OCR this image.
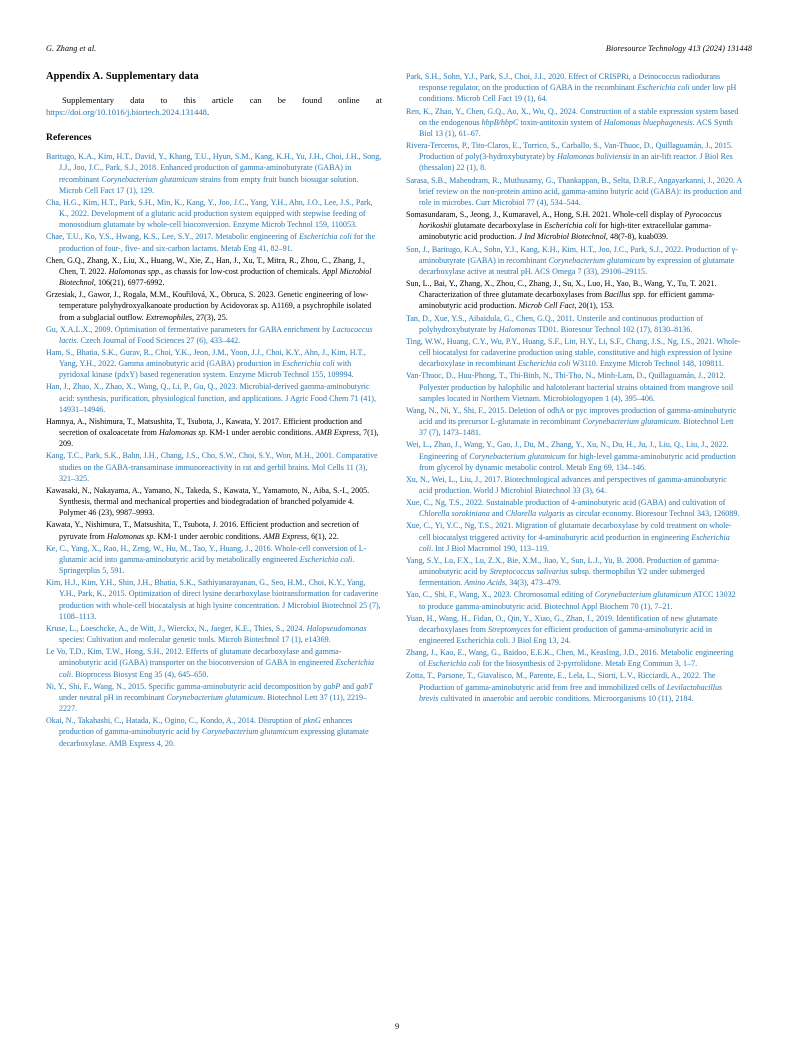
G. Zhang et al.	Bioresource Technology 413 (2024) 131448
Appendix A. Supplementary data

Supplementary data to this article can be found online at https://doi.org/10.1016/j.biortech.2024.131448.

References
Baritugo, K.A., Kim, H.T., David, Y., Khang, T.U., Hyun, S.M., Kang, K.H., Yu, J.H., Choi, J.H., Song, J.J., Joo, J.C., Park, S.J., 2018. Enhanced production of gamma-aminobutyrate (GABA) in recombinant Corynebacterium glutamicum strains from empty fruit bunch biosugar solution. Microb Cell Fact 17 (1), 129.
Cha, H.G., Kim, H.T., Park, S.H., Min, K., Kang, Y., Joo, J.C., Yang, Y.H., Ahn, J.O., Lee, J.S., Park, K., 2022. Development of a glutaric acid production system equipped with stepwise feeding of monosodium glutamate by whole-cell bioconversion. Enzyme Microb Technol 159, 110053.
Chae, T.U., Ko, Y.S., Hwang, K.S., Lee, S.Y., 2017. Metabolic engineering of Escherichia coli for the production of four-, five- and six-carbon lactams. Metab Eng 41, 82–91.
Chen, G.Q., Zhang, X., Liu, X., Huang, W., Xie, Z., Han, J., Xu, T., Mitra, R., Zhou, C., Zhang, J., Chen, T. 2022. Halomonas spp., as chassis for low-cost production of chemicals. Appl Microbiol Biotechnol, 106(21), 6977-6992.
Grzesiak, J., Gawor, J., Rogala, M.M., Kouřilová, X., Obruca, S. 2023. Genetic engineering of low-temperature polyhydroxyalkanoate production by Acidovorax sp. A1169, a psychrophile isolated from a subglacial outflow. Extremophiles, 27(3), 25.
Gu, X.A.L.X., 2009. Optimisation of fermentative parameters for GABA enrichment by Lactococcus lactis. Czech Journal of Food Sciences 27 (6), 433–442.
Ham, S., Bhatia, S.K., Gurav, R., Choi, Y.K., Jeon, J.M., Yoon, J.J., Choi, K.Y., Ahn, J., Kim, H.T., Yang, Y.H., 2022. Gamma aminobutyric acid (GABA) production in Escherichia coli with pyridoxal kinase (pdxY) based regeneration system. Enzyme Microb Technol 155, 109994.
Han, J., Zhao, X., Zhao, X., Wang, Q., Li, P., Gu, Q., 2023. Microbial-derived gamma-aminobutyric acid: synthesis, purification, physiological function, and applications. J Agric Food Chem 71 (41), 14931–14946.
Hamnya, A., Nishimura, T., Matsushita, T., Tsubota, J., Kawata, Y. 2017. Efficient production and secretion of oxaloacetate from Halomonas sp. KM-1 under aerobic conditions. AMB Express, 7(1), 209.
Kang, T.C., Park, S.K., Bahn, J.H., Chang, J.S., Cho, S.W., Choi, S.Y., Won, M.H., 2001. Comparative studies on the GABA-transaminase immunoreactivity in rat and gerbil brains. Mol Cells 11 (3), 321–325.
Kawasaki, N., Nakayama, A., Yamano, N., Takeda, S., Kawata, Y., Yamamoto, N., Aiba, S.-I., 2005. Synthesis, thermal and mechanical properties and biodegradation of branched polyamide 4. Polymer 46 (23), 9987–9993.
Kawata, Y., Nishimura, T., Matsushita, T., Tsubota, J. 2016. Efficient production and secretion of pyruvate from Halomonas sp. KM-1 under aerobic conditions. AMB Express, 6(1), 22.
Ke, C., Yang, X., Rao, H., Zeng, W., Hu, M., Tao, Y., Huang, J., 2016. Whole-cell conversion of L-glutamic acid into gamma-aminobutyric acid by metabolically engineered Escherichia coli. Springerplus 5, 591.
Kim, H.J., Kim, Y.H., Shin, J.H., Bhatia, S.K., Sathiyanarayanan, G., Seo, H.M., Choi, K.Y., Yang, Y.H., Park, K., 2015. Optimization of direct lysine decarboxylase biotransformation for cadaverine production with whole-cell biocatalysis at high lysine concentration. J Microbiol Biotechnol 25 (7), 1108–1113.
Kruse, L., Loeschcke, A., de Witt, J., Wierckx, N., Jaeger, K.E., Thies, S., 2024. Halopseudomonas species: Cultivation and molecular genetic tools. Microb Biotechnol 17 (1), e14369.
Le Vo, T.D., Kim, T.W., Hong, S.H., 2012. Effects of glutamate decarboxylase and gamma-aminobutyric acid (GABA) transporter on the bioconversion of GABA in engineered Escherichia coli. Bioprocess Biosyst Eng 35 (4), 645–650.
Ni, Y., Shi, F., Wang, N., 2015. Specific gamma-aminobutyric acid decomposition by gabP and gabT under neutral pH in recombinant Corynebacterium glutamicum. Biotechnol Lett 37 (11), 2219–2227.
Okai, N., Takahashi, C., Hatada, K., Ogino, C., Kondo, A., 2014. Disruption of pknG enhances production of gamma-aminobutyric acid by Corynebacterium glutamicum expressing glutamate decarboxylase. AMB Express 4, 20.
Park, S.H., Sohn, Y.J., Park, S.J., Choi, J.I., 2020. Effect of CRISPRi, a Deinococcus radiodurans response regulator, on the production of GABA in the recombinant Escherichia coli under low pH conditions. Microb Cell Fact 19 (1), 64.
Ren, K., Zhao, Y., Chen, G.Q., Ao, X., Wu, Q., 2024. Construction of a stable expression system based on the endogenous hbpB/hbpC toxin-antitoxin system of Halomonas bluephagenesis. ACS Synth Biol 13 (1), 61–67.
Rivera-Terceros, P., Tito-Claros, E., Torrico, S., Carballo, S., Van-Thuoc, D., Quillaguamán, J., 2015. Production of poly(3-hydroxybutyrate) by Halomonas boliviensis in an air-lift reactor. J Biol Res (thessalon) 22 (1), 8.
Sarasa, S.B., Mahendram, R., Muthusamy, G., Thankappan, B., Selta, D.R.F., Angayarkanni, J., 2020. A brief review on the non-protein amino acid, gamma-amino butyric acid (GABA): its production and role in microbes. Curr Microbiol 77 (4), 534–544.
Somasundaram, S., Jeong, J., Kumaravel, A., Hong, S.H. 2021. Whole-cell display of Pyrococcus horikoshii glutamate decarboxylase in Escherichia coli for high-titer extracellular gamma-aminobutyric acid production. J Ind Microbiol Biotechnol, 48(7-8), kuab039.
Son, J., Baritugo, K.A., Sohn, Y.J., Kang, K.H., Kim, H.T., Joo, J.C., Park, S.J., 2022. Production of γ-aminobutyrate (GABA) in recombinant Corynebacterium glutamicum by expression of glutamate decarboxylase active at neutral pH. ACS Omega 7 (33), 29106–29115.
Sun, L., Bai, Y., Zhang, X., Zhou, C., Zhang, J., Su, X., Luo, H., Yao, B., Wang, Y., Tu, T. 2021. Characterization of three glutamate decarboxylases from Bacillus spp. for efficient gamma-aminobutyric acid production. Microb Cell Fact, 20(1), 153.
Tan, D., Xue, Y.S., Aibaidula, G., Chen, G.Q., 2011. Unsterile and continuous production of polyhydroxybutyrate by Halomonas TD01. Bioresour Technol 102 (17), 8130–8136.
Ting, W.W., Huang, C.Y., Wu, P.Y., Huang, S.F., Lin, H.Y., Li, S.F., Chang, J.S., Ng, I.S., 2021. Whole-cell biocatalyst for cadaverine production using stable, constitutive and high expression of lysine decarboxylase in recombinant Escherichia coli W3110. Enzyme Microb Technol 148, 109811.
Van-Thuoc, D., Huu-Phong, T., Thi-Binh, N., Thi-Tho, N., Minh-Lam, D., Quillaguamán, J., 2012. Polyester production by halophilic and halotolerant bacterial strains obtained from mangrove soil samples located in Northern Vietnam. Microbiologyopen 1 (4), 395–406.
Wang, N., Ni, Y., Shi, F., 2015. Deletion of odhA or pyc improves production of gamma-aminobutyric acid and its precursor L-glutamate in recombinant Corynebacterium glutamicum. Biotechnol Lett 37 (7), 1473–1481.
Wei, L., Zhao, J., Wang, Y., Gao, J., Du, M., Zhang, Y., Xu, N., Du, H., Ju, J., Liu, Q., Liu, J., 2022. Engineering of Corynebacterium glutamicum for high-level gamma-aminobutyric acid production from glycerol by dynamic metabolic control. Metab Eng 69, 134–146.
Xu, N., Wei, L., Liu, J., 2017. Biotechnological advances and perspectives of gamma-aminobutyric acid production. World J Microbiol Biotechnol 33 (3), 64.
Xue, C., Ng, T.S., 2022. Sustainable production of 4-aminobutyric acid (GABA) and cultivation of Chlorella sorokiniana and Chlorella vulgaris as circular economy. Bioresour Technol 343, 126089.
Xue, C., Yi, Y.C., Ng, T.S., 2021. Migration of glutamate decarboxylase by cold treatment on whole-cell biocatalyst triggered activity for 4-aminobutyric acid production in engineering Escherichia coli. Int J Biol Macromol 190, 113–119.
Yang, S.Y., Lu, F.X., Lu, Z.X., Bie, X.M., Jiao, Y., Sun, L.J., Yu, B. 2008. Production of gamma-aminobutyric acid by Streptococcus salivarius subsp. thermophilus Y2 under submerged fermentation. Amino Acids, 34(3), 473–479.
Yao, C., Shi, F., Wang, X., 2023. Chromosomal editing of Corynebacterium glutamicum ATCC 13032 to produce gamma-aminobutyric acid. Biotechnol Appl Biochem 70 (1), 7–21.
Yuan, H., Wang, H., Fidan, O., Qin, Y., Xiao, G., Zhan, J., 2019. Identification of new glutamate decarboxylases from Streptomyces for efficient production of gamma-aminobutyric acid in engineered Escherichia coli. J Biol Eng 13, 24.
Zhang, J., Kao, E., Wang, G., Baidoo, E.E.K., Chen, M., Keasling, J.D., 2016. Metabolic engineering of Escherichia coli for the biosynthesis of 2-pyrrolidone. Metab Eng Commun 3, 1–7.
Zotta, T., Parsone, T., Giavalisco, M., Parente, E., Lela, L., Siorti, L.V., Ricciardi, A., 2022. The Production of gamma-aminobutyric acid from free and immobilized cells of Levilactobacillus brevis cultivated in anaerobic and aerobic conditions. Microorganisms 10 (11), 2184.
9
